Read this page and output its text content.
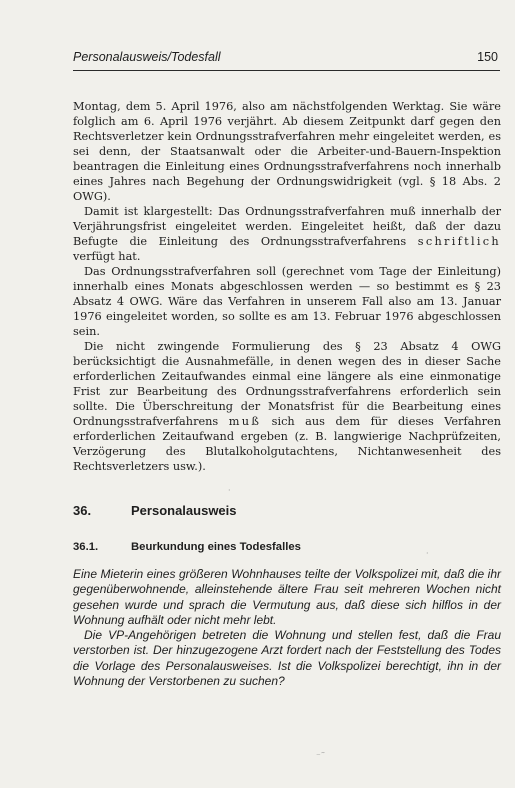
Personalausweis/Todesfall	150

Montag, dem 5. April 1976, also am nächstfolgenden Werktag. Sie wäre folglich am 6. April 1976 verjährt. Ab diesem Zeitpunkt darf gegen den Rechtsverletzer kein Ordnungsstrafverfahren mehr eingeleitet werden, es sei denn, der Staatsanwalt oder die Arbeiter-und-Bauern-Inspektion beantragen die Einleitung eines Ordnungsstrafverfahrens noch innerhalb eines Jahres nach Begehung der Ordnungswidrigkeit (vgl. § 18 Abs. 2 OWG).

Damit ist klargestellt: Das Ordnungsstrafverfahren muß innerhalb der Verjährungsfrist eingeleitet werden. Eingeleitet heißt, daß der dazu Befugte die Einleitung des Ordnungsstrafverfahrens schriftlich verfügt hat.

Das Ordnungsstrafverfahren soll (gerechnet vom Tage der Einleitung) innerhalb eines Monats abgeschlossen werden — so bestimmt es § 23 Absatz 4 OWG. Wäre das Verfahren in unserem Fall also am 13. Januar 1976 eingeleitet worden, so sollte es am 13. Februar 1976 abgeschlossen sein.

Die nicht zwingende Formulierung des § 23 Absatz 4 OWG berücksichtigt die Ausnahmefälle, in denen wegen des in dieser Sache erforderlichen Zeitaufwandes einmal eine längere als eine einmonatige Frist zur Bearbeitung des Ordnungsstrafverfahrens erforderlich sein sollte. Die Überschreitung der Monatsfrist für die Bearbeitung eines Ordnungsstrafverfahrens muß sich aus dem für dieses Verfahren erforderlichen Zeitaufwand ergeben (z. B. langwierige Nachprüfzeiten, Verzögerung des Blutalkoholgutachtens, Nichtanwesenheit des Rechtsverletzers usw.).

36.	Personalausweis
36.1.	Beurkundung eines Todesfalles

Eine Mieterin eines größeren Wohnhauses teilte der Volkspolizei mit, daß die ihr gegenüberwohnende, alleinstehende ältere Frau seit mehreren Wochen nicht gesehen wurde und sprach die Vermutung aus, daß diese sich hilflos in der Wohnung aufhält oder nicht mehr lebt.

Die VP-Angehörigen betreten die Wohnung und stellen fest, daß die Frau verstorben ist. Der hinzugezogene Arzt fordert nach der Feststellung des Todes die Vorlage des Personalausweises. Ist die Volkspolizei berechtigt, ihn in der Wohnung der Verstorbenen zu suchen?

·
·
⁻˜
